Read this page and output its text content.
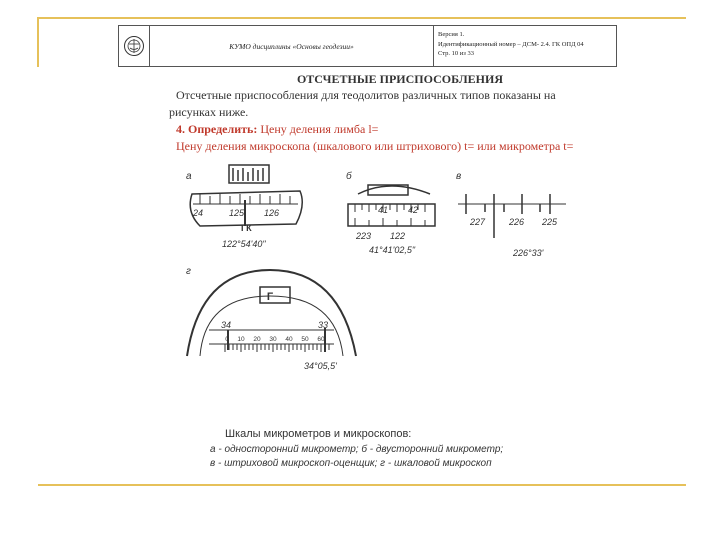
КУМО дисциплины «Основы геодезии»
Версия 1.
Идентификационный номер – ДСМ- 2.4. ГК ОПД 04
Стр. 10 из 33
ОТСЧЕТНЫЕ ПРИСПОСОБЛЕНИЯ
Отсчетные приспособления для теодолитов различных типов показаны на
рисунках ниже.
4. Определить: Цену деления лимба l=
Цену деления микроскопа (шкалового или штрихового) t= или микрометра t=
а
24	125 126
ГК
122°54'40"
б
41 42
223 122
41°41'02,5"
в
227	226 225
226°33'
г
Г
34	33
0 10 20 30 40 50 60
34°05,5'
Шкалы микрометров и микроскопов:
а - односторонний микрометр; б - двусторонний микрометр;
в - штриховой микроскоп-оценщик; г - шкаловой микроскоп
